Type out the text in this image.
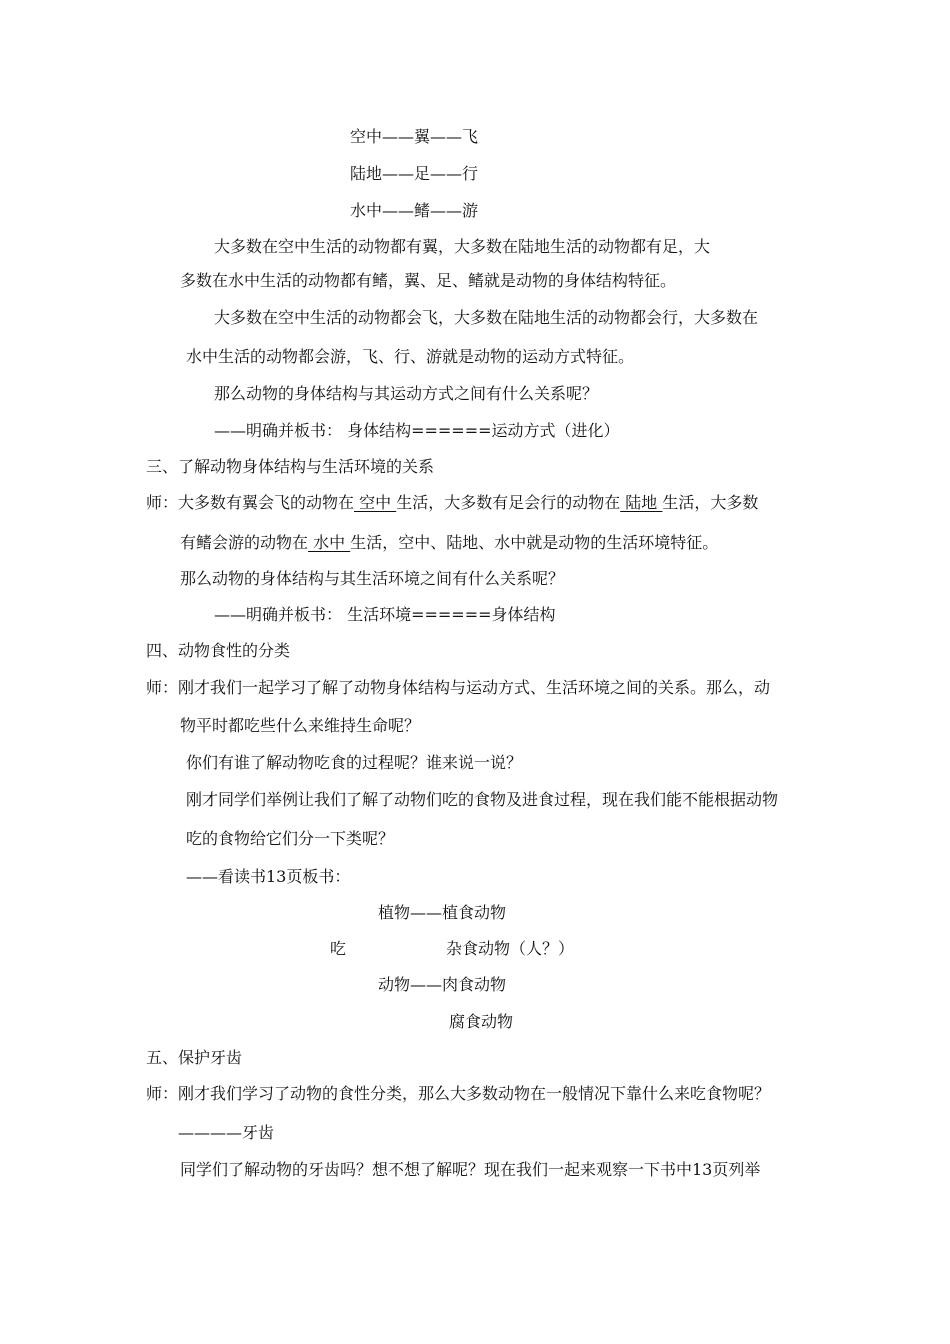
空中——翼——飞
陆地——足——行
水中——鳍——游
大多数在空中生活的动物都有翼，大多数在陆地生活的动物都有足，大
多数在水中生活的动物都有鳍，翼、足、鳍就是动物的身体结构特征。
大多数在空中生活的动物都会飞，大多数在陆地生活的动物都会行，大多数在
水中生活的动物都会游，飞、行、游就是动物的运动方式特征。
那么动物的身体结构与其运动方式之间有什么关系呢？
——明确并板书： 身体结构======运动方式（进化）
三、了解动物身体结构与生活环境的关系
师：大多数有翼会飞的动物在 空中 生活，大多数有足会行的动物在 陆地 生活，大多数
有鳍会游的动物在 水中 生活，空中、陆地、水中就是动物的生活环境特征。
那么动物的身体结构与其生活环境之间有什么关系呢？
——明确并板书： 生活环境======身体结构
四、动物食性的分类
师：刚才我们一起学习了解了动物身体结构与运动方式、生活环境之间的关系。那么，动
物平时都吃些什么来维持生命呢？
你们有谁了解动物吃食的过程呢？谁来说一说？
刚才同学们举例让我们了解了动物们吃的食物及进食过程，现在我们能不能根据动物
吃的食物给它们分一下类呢？
——看读书13页板书：
植物——植食动物
吃	杂食动物（人？）
动物——肉食动物
腐食动物
五、保护牙齿
师：刚才我们学习了动物的食性分类，那么大多数动物在一般情况下靠什么来吃食物呢？
————牙齿
同学们了解动物的牙齿吗？想不想了解呢？现在我们一起来观察一下书中13页列举
